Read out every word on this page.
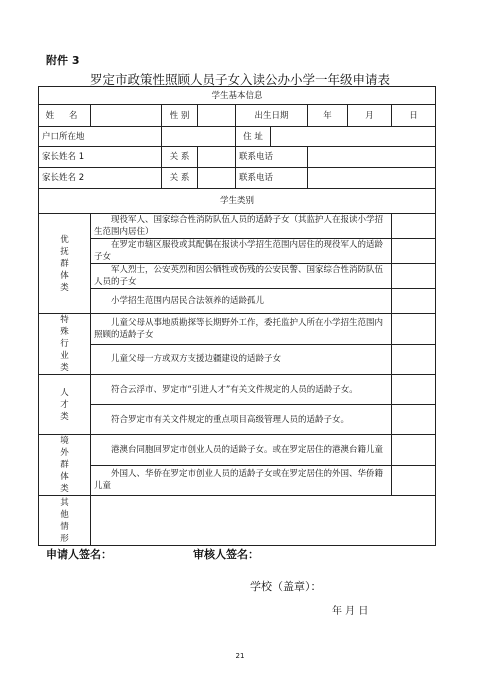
附件 3
罗定市政策性照顾人员子女入读公办小学一年级申请表
学生基本信息								
姓 名		性 别		出生日期		年	月	日
户口所在地				住 址				
家长姓名 1		关 系		联系电话				
家长姓名 2		关 系		联系电话				
学生类别								

优
抚
群
体
类	现役军人、国家综合性消防队伍人员的适龄子女（其监护人在报读小学招生范围内居住）							
	在罗定市辖区服役或其配偶在报读小学招生范围内居住的现役军人的适龄子女							
	军人烈士，公安英烈和因公牺牲或伤残的公安民警、国家综合性消防队伍人员的子女							
	小学招生范围内居民合法领养的适龄孤儿							

特
殊
行
业
类	儿童父母从事地质勘探等长期野外工作，委托监护人所在小学招生范围内照顾的适龄子女							
	儿童父母一方或双方支援边疆建设的适龄子女							

人
才
类	符合云浮市、罗定市“引进人才”有关文件规定的人员的适龄子女。							
	符合罗定市有关文件规定的重点项目高级管理人员的适龄子女。							

境
外
群
体
类	港澳台同胞回罗定市创业人员的适龄子女。或在罗定居住的港澳台籍儿童							
	外国人、华侨在罗定市创业人员的适龄子女或在罗定居住的外国、华侨籍儿童							

其
他
情
形								

申请人签名：	审核人签名：
学校（盖章）：
年 月 日
21
